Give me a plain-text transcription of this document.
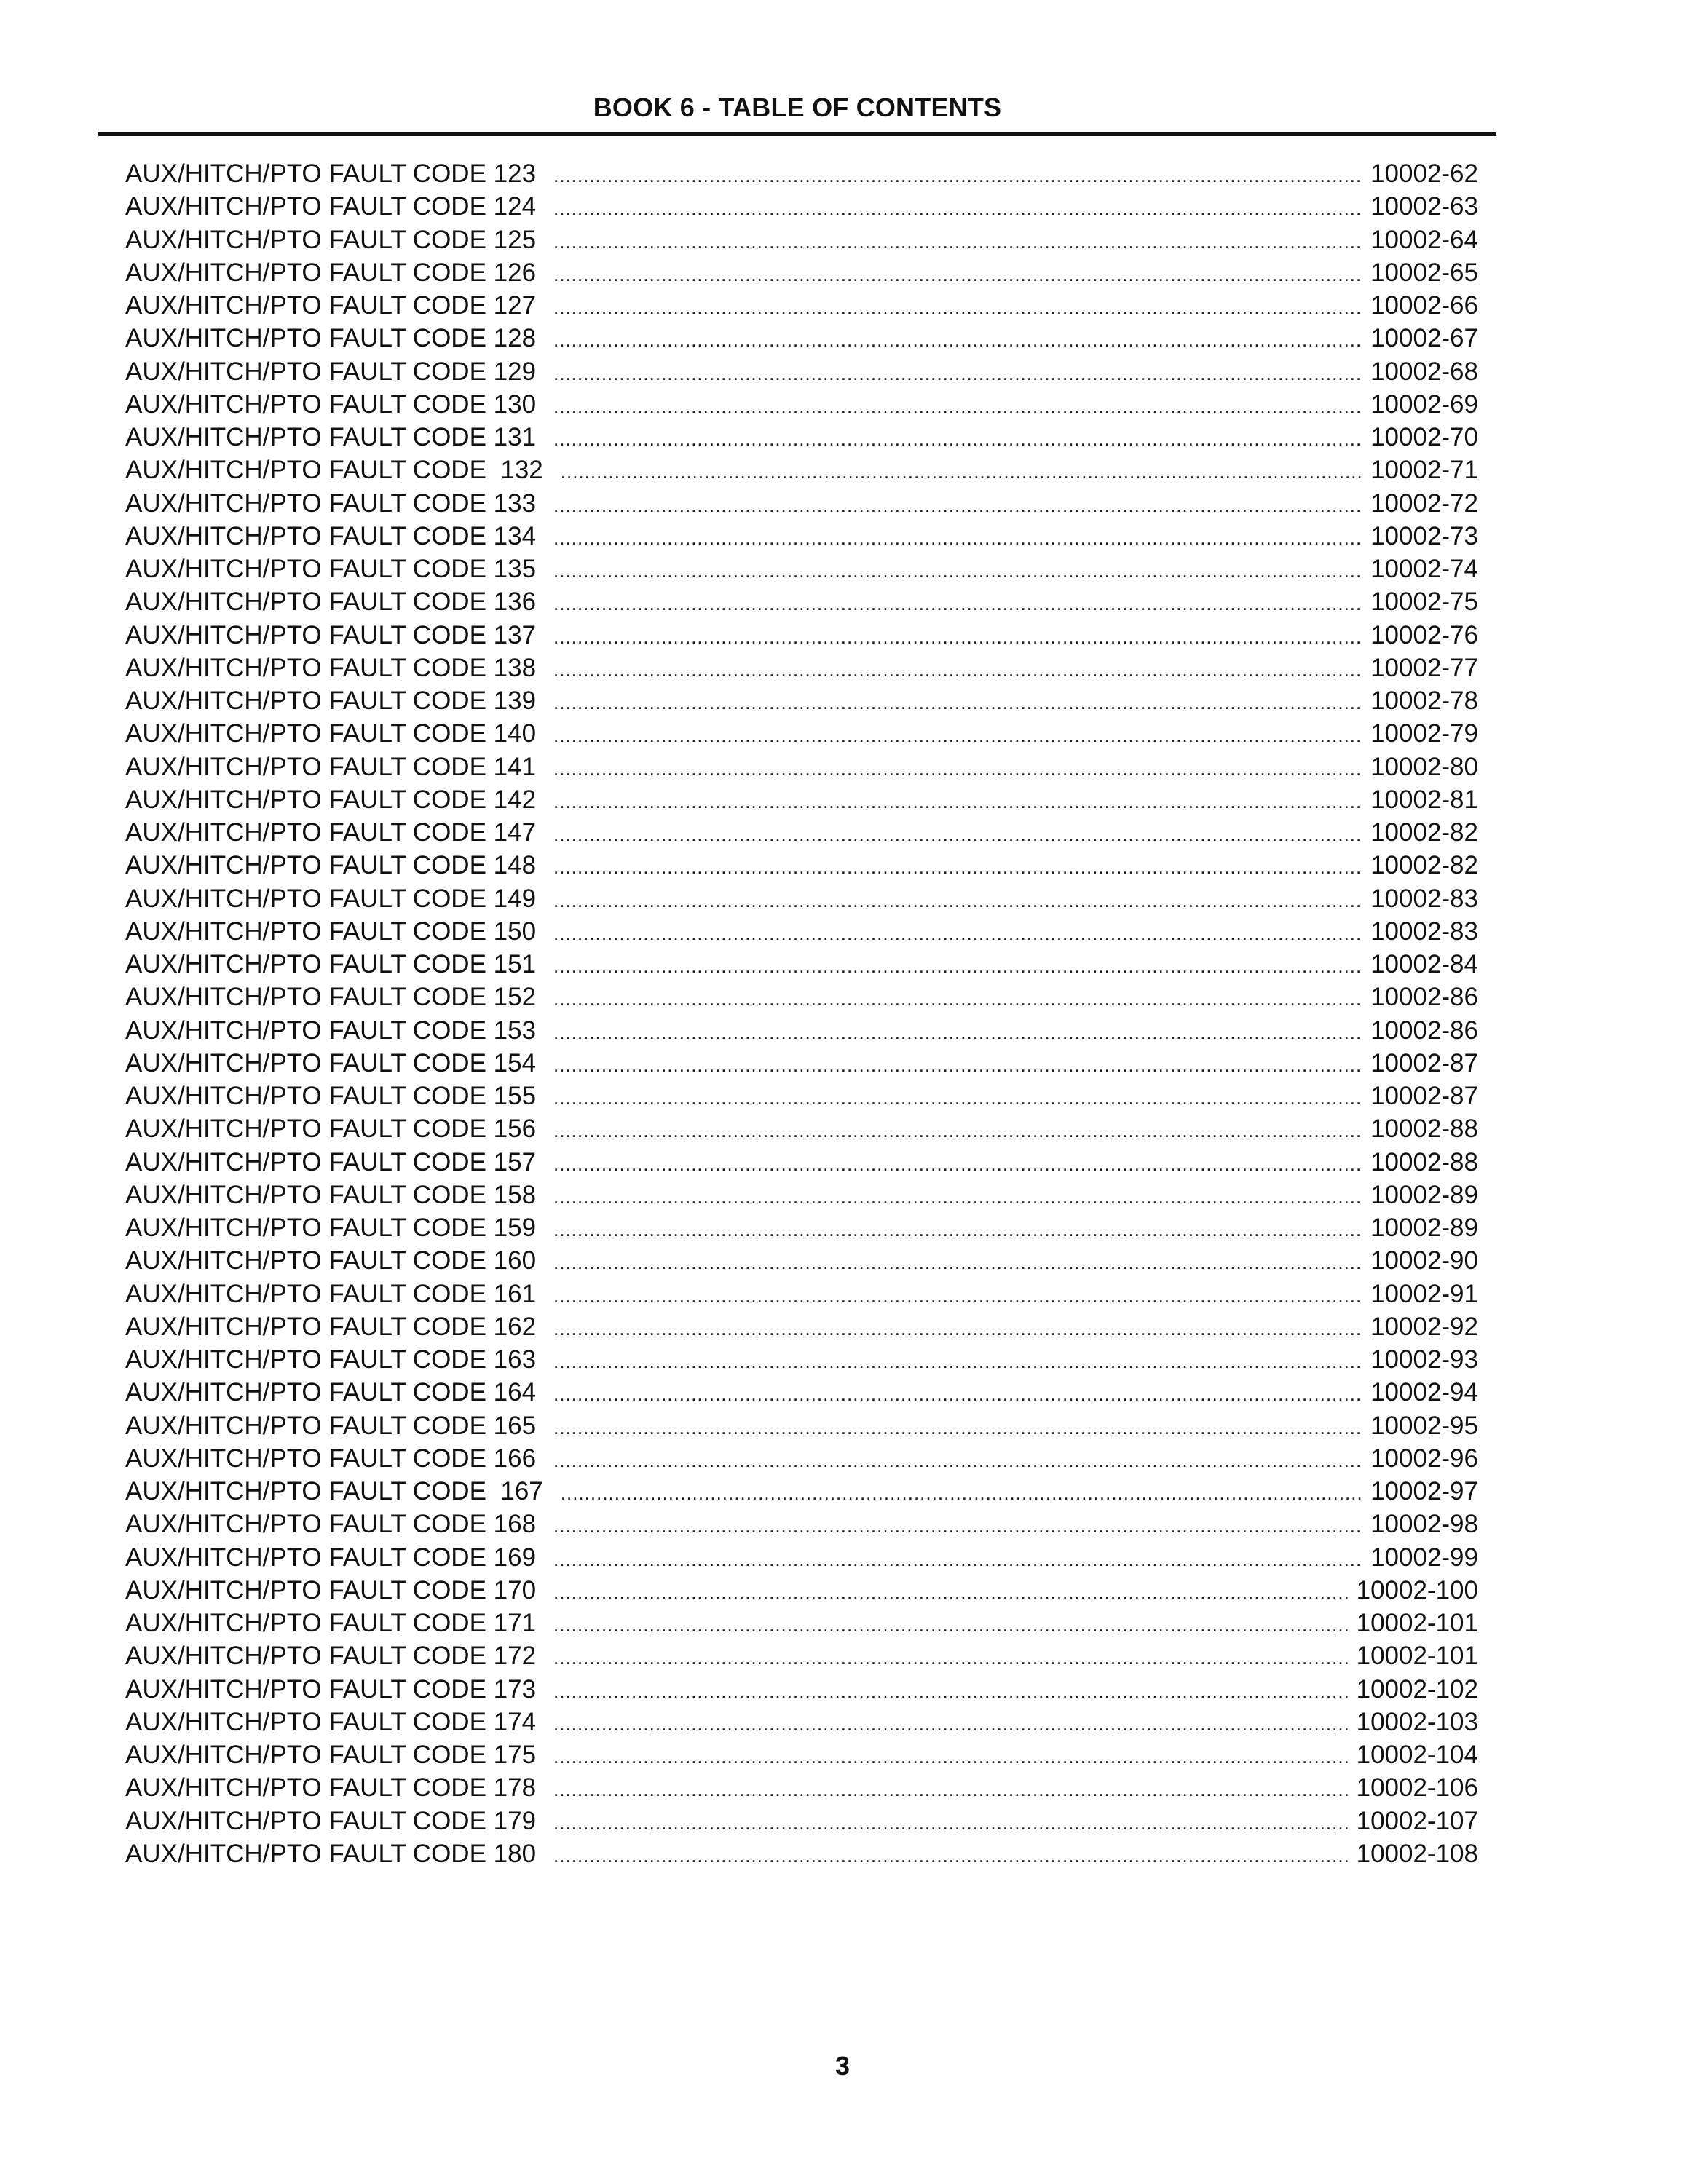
BOOK 6 - TABLE OF CONTENTS
AUX/HITCH/PTO FAULT CODE 123 .....	10002-62
AUX/HITCH/PTO FAULT CODE 124 .....	10002-63
AUX/HITCH/PTO FAULT CODE 125 .....	10002-64
AUX/HITCH/PTO FAULT CODE 126 .....	10002-65
AUX/HITCH/PTO FAULT CODE 127 .....	10002-66
AUX/HITCH/PTO FAULT CODE 128 .....	10002-67
AUX/HITCH/PTO FAULT CODE 129 .....	10002-68
AUX/HITCH/PTO FAULT CODE 130 .....	10002-69
AUX/HITCH/PTO FAULT CODE 131 .....	10002-70
AUX/HITCH/PTO FAULT CODE  132 .....	10002-71
AUX/HITCH/PTO FAULT CODE 133 .....	10002-72
AUX/HITCH/PTO FAULT CODE 134 .....	10002-73
AUX/HITCH/PTO FAULT CODE 135 .....	10002-74
AUX/HITCH/PTO FAULT CODE 136 .....	10002-75
AUX/HITCH/PTO FAULT CODE 137 .....	10002-76
AUX/HITCH/PTO FAULT CODE 138 .....	10002-77
AUX/HITCH/PTO FAULT CODE 139 .....	10002-78
AUX/HITCH/PTO FAULT CODE 140 .....	10002-79
AUX/HITCH/PTO FAULT CODE 141 .....	10002-80
AUX/HITCH/PTO FAULT CODE 142 .....	10002-81
AUX/HITCH/PTO FAULT CODE 147 .....	10002-82
AUX/HITCH/PTO FAULT CODE 148 .....	10002-82
AUX/HITCH/PTO FAULT CODE 149 .....	10002-83
AUX/HITCH/PTO FAULT CODE 150 .....	10002-83
AUX/HITCH/PTO FAULT CODE 151 .....	10002-84
AUX/HITCH/PTO FAULT CODE 152 .....	10002-86
AUX/HITCH/PTO FAULT CODE 153 .....	10002-86
AUX/HITCH/PTO FAULT CODE 154 .....	10002-87
AUX/HITCH/PTO FAULT CODE 155 .....	10002-87
AUX/HITCH/PTO FAULT CODE 156 .....	10002-88
AUX/HITCH/PTO FAULT CODE 157 .....	10002-88
AUX/HITCH/PTO FAULT CODE 158 .....	10002-89
AUX/HITCH/PTO FAULT CODE 159 .....	10002-89
AUX/HITCH/PTO FAULT CODE 160 .....	10002-90
AUX/HITCH/PTO FAULT CODE 161 .....	10002-91
AUX/HITCH/PTO FAULT CODE 162 .....	10002-92
AUX/HITCH/PTO FAULT CODE 163 .....	10002-93
AUX/HITCH/PTO FAULT CODE 164 .....	10002-94
AUX/HITCH/PTO FAULT CODE 165 .....	10002-95
AUX/HITCH/PTO FAULT CODE 166 .....	10002-96
AUX/HITCH/PTO FAULT CODE  167 .....	10002-97
AUX/HITCH/PTO FAULT CODE 168 .....	10002-98
AUX/HITCH/PTO FAULT CODE 169 .....	10002-99
AUX/HITCH/PTO FAULT CODE 170 .....	10002-100
AUX/HITCH/PTO FAULT CODE 171 .....	10002-101
AUX/HITCH/PTO FAULT CODE 172 .....	10002-101
AUX/HITCH/PTO FAULT CODE 173 .....	10002-102
AUX/HITCH/PTO FAULT CODE 174 .....	10002-103
AUX/HITCH/PTO FAULT CODE 175 .....	10002-104
AUX/HITCH/PTO FAULT CODE 178 .....	10002-106
AUX/HITCH/PTO FAULT CODE 179 .....	10002-107
AUX/HITCH/PTO FAULT CODE 180 .....	10002-108
3
